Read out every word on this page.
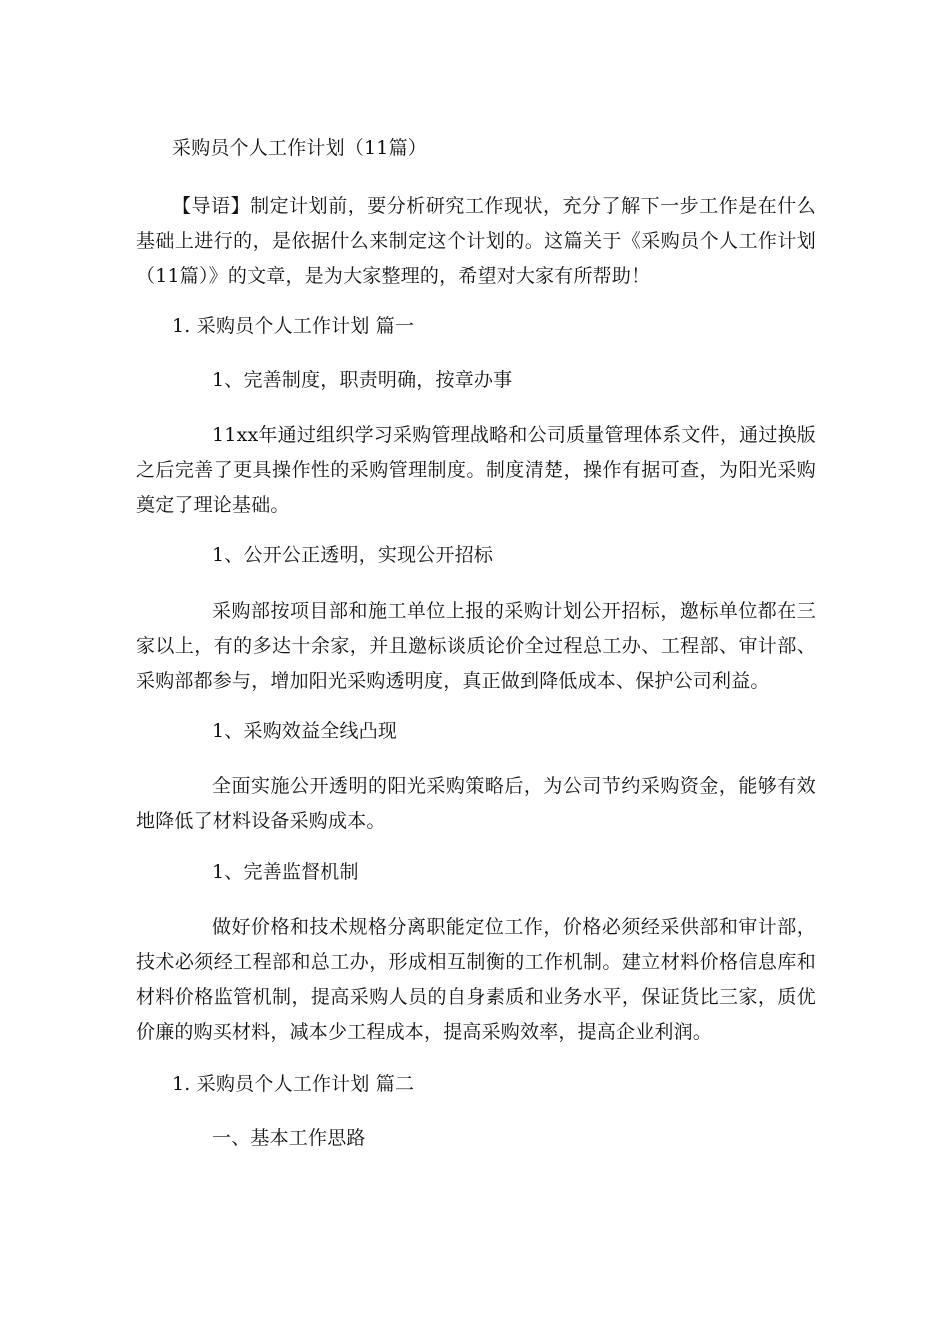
采购员个人工作计划（11篇）
【导语】制定计划前，要分析研究工作现状，充分了解下一步工作是在什么基础上进行的，是依据什么来制定这个计划的。这篇关于《采购员个人工作计划（11篇）》的文章，是为大家整理的，希望对大家有所帮助！
1. 采购员个人工作计划 篇一
1、完善制度，职责明确，按章办事
11xx年通过组织学习采购管理战略和公司质量管理体系文件，通过换版之后完善了更具操作性的采购管理制度。制度清楚，操作有据可查，为阳光采购奠定了理论基础。
1、公开公正透明，实现公开招标
采购部按项目部和施工单位上报的采购计划公开招标，邀标单位都在三家以上，有的多达十余家，并且邀标谈质论价全过程总工办、工程部、审计部、采购部都参与，增加阳光采购透明度，真正做到降低成本、保护公司利益。
1、采购效益全线凸现
全面实施公开透明的阳光采购策略后，为公司节约采购资金，能够有效地降低了材料设备采购成本。
1、完善监督机制
做好价格和技术规格分离职能定位工作，价格必须经采供部和审计部，技术必须经工程部和总工办，形成相互制衡的工作机制。建立材料价格信息库和材料价格监管机制，提高采购人员的自身素质和业务水平，保证货比三家，质优价廉的购买材料，减本少工程成本，提高采购效率，提高企业利润。
1. 采购员个人工作计划 篇二
一、基本工作思路
